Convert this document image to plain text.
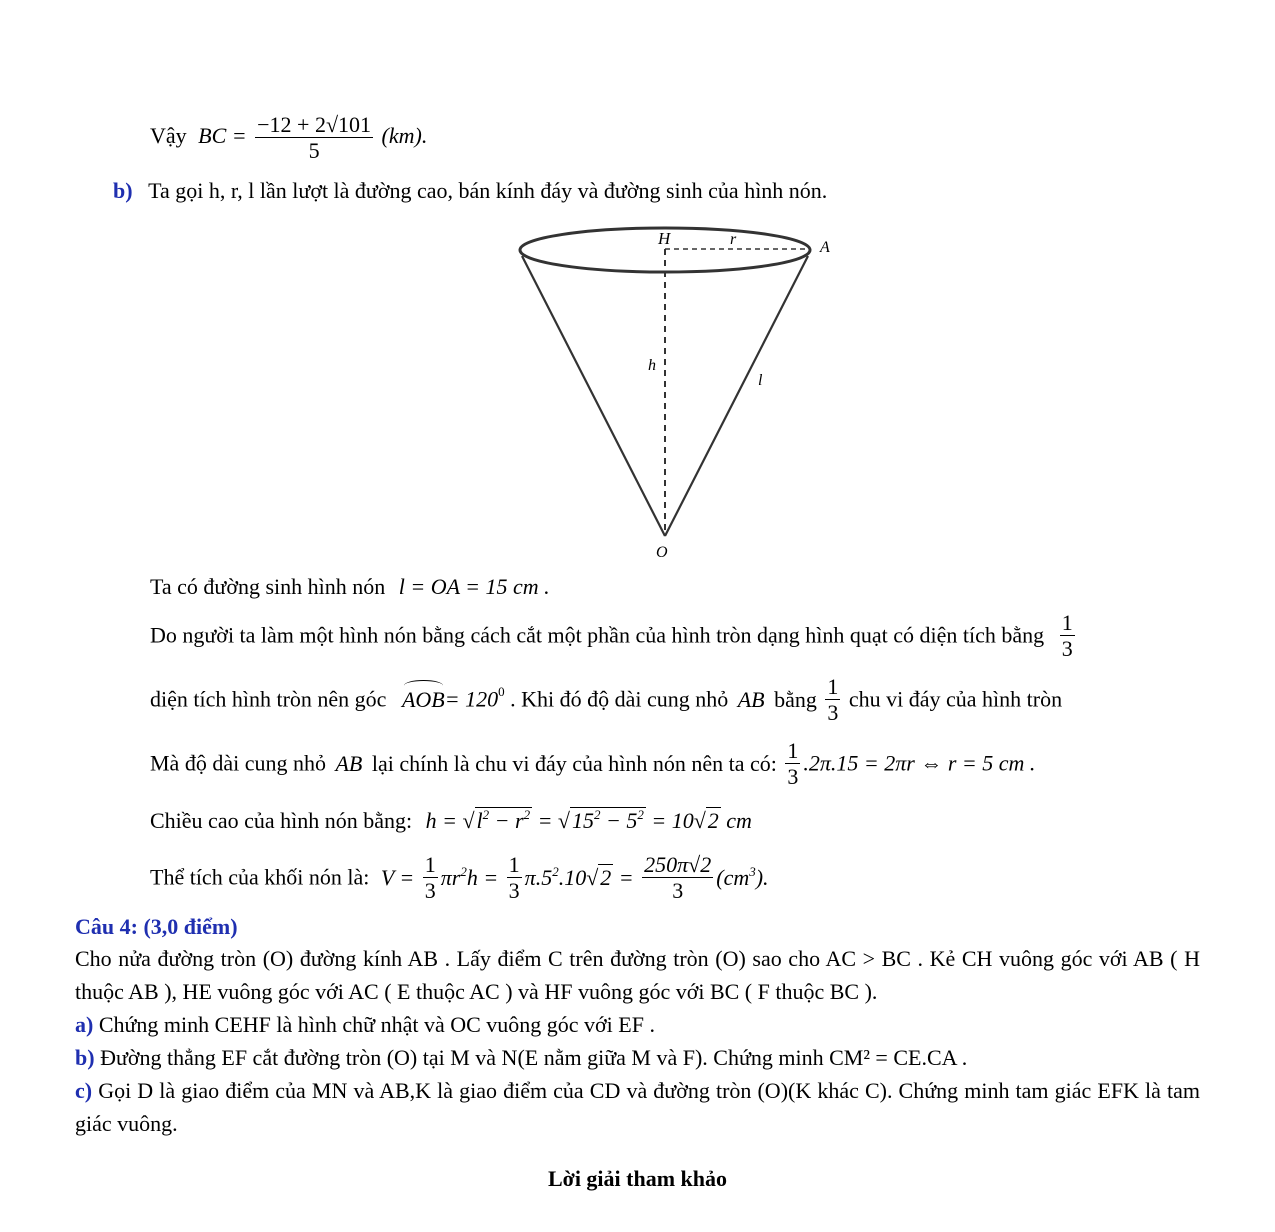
Vậy BC = $\frac{-12 + 2√101}{5} (km)$.
b) Ta gọi h, r, l lần lượt là đường cao, bán kính đáy và đường sinh của hình nón.
H	r	A
h
l
O
Ta có đường sinh hình nón l = OA = 15 cm .
Do người ta làm một hình nón bằng cách cắt một phần của hình tròn dạng hình quạt có diện tích bằng $\frac{1}{3}$
diện tích hình tròn nên góc $AOB= 120^0$ . Khi đó độ dài cung nhỏ AB bằng $\frac{1}{3}$ chu vi đáy của hình tròn
Mà độ dài cung nhỏ AB lại chính là chu vi đáy của hình nón nên ta có: $\frac{1}{3} .2\pi.15 = 2\pi r$ ⇔ r = 5 cm .
Chiều cao của hình nón bằng: $h = √l^2 - r^2 = √15^2 - 5^2 = 10√2$ cm
Thể tích của khối nón là: $V = \frac{1}{3} \pi r^2h = \frac{1}{3} \pi.5^2.10√2 = \frac{250\pi√2}{3} (cm^3)$.
Câu 4: (3,0 điểm)

Cho nửa đường tròn (O) đường kính AB . Lấy điểm C trên đường tròn (O) sao cho AC > BC . Kẻ CH vuông góc với AB ( H thuộc AB ), HE vuông góc với AC ( E thuộc AC ) và HF vuông góc với BC ( F thuộc BC ).

a) Chứng minh CEHF là hình chữ nhật và OC vuông góc với EF .

b) Đường thẳng EF cắt đường tròn (O) tại M và N(E nằm giữa M và F). Chứng minh CM² = CE.CA .

c) Gọi D là giao điểm của MN và AB,K là giao điểm của CD và đường tròn (O)(K khác C). Chứng minh tam giác EFK là tam giác vuông.

Lời giải tham khảo
